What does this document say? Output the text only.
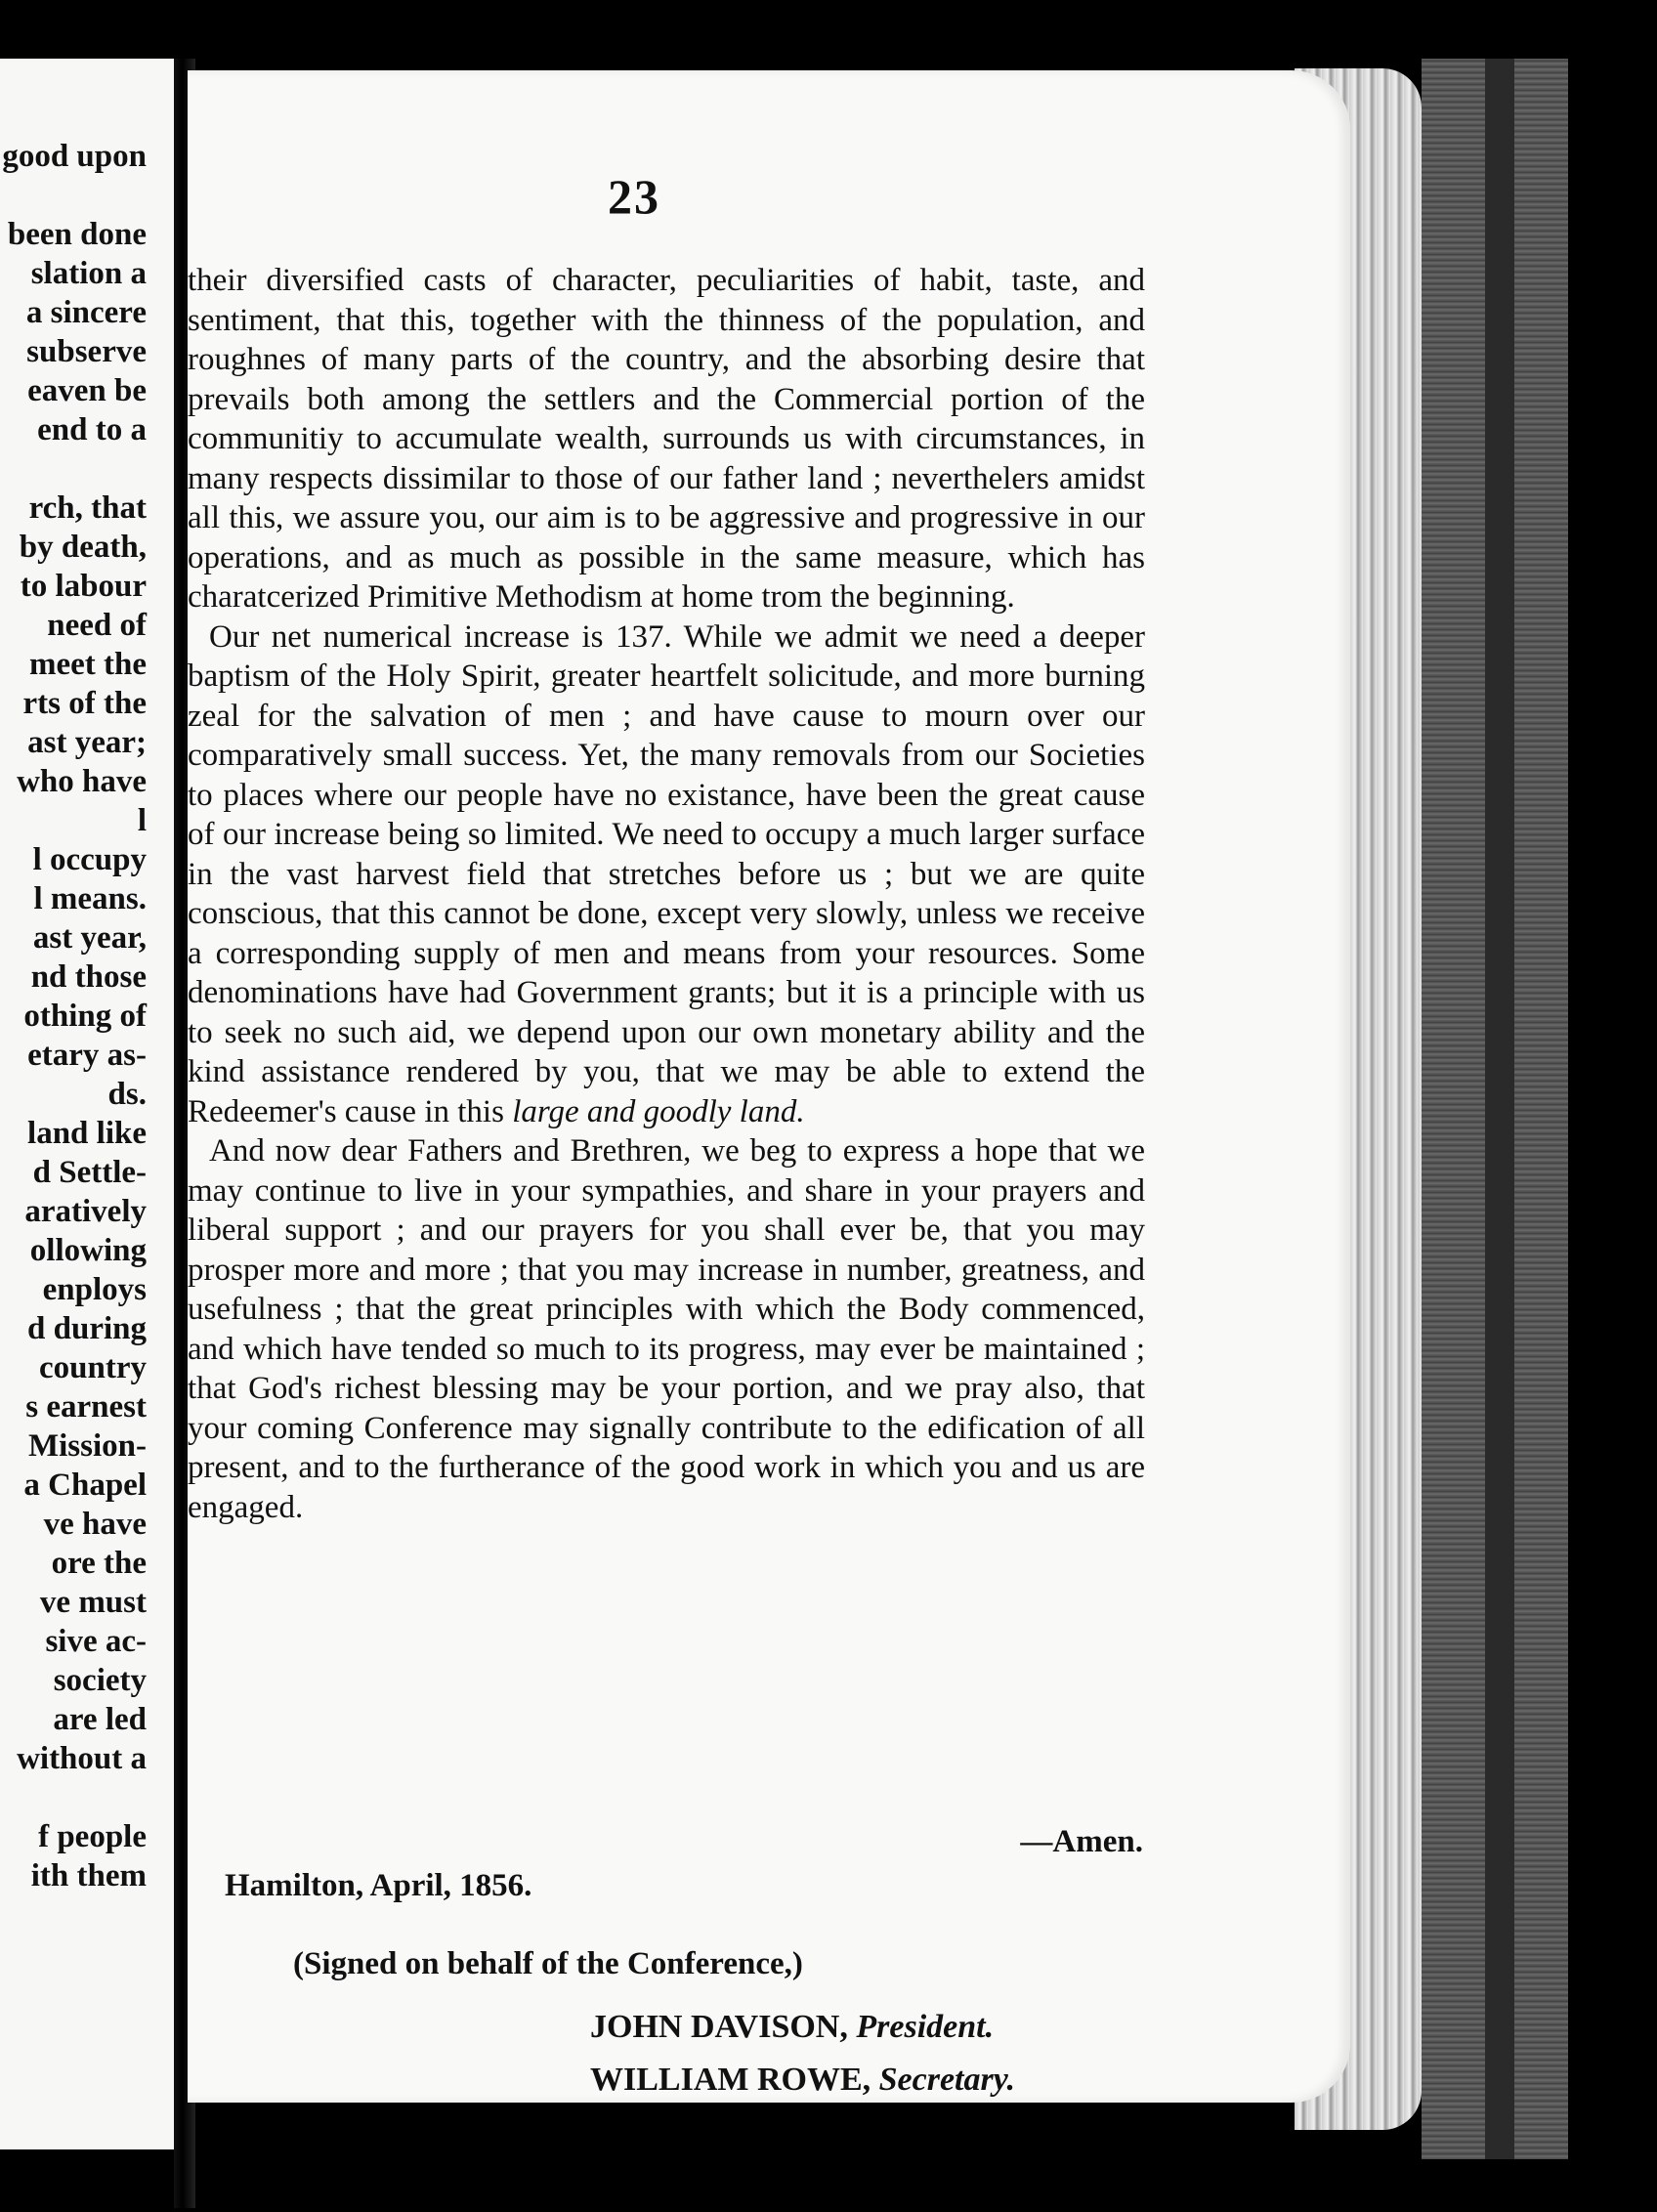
good upon
been done
slation a
a sincere
subserve
eaven be
end to a
rch, that
by death,
to labour
need of
meet the
rts of the
ast year;
who have
l
l occupy
l means.
ast year,
nd those
othing of
etary as-
ds.
land like
d Settle-
aratively
ollowing
enploys
d during
country
s earnest
Mission-
a Chapel
ve have
ore the
ve must
sive ac-
society
are led
without a
f people
ith them
23

their diversified casts of character, peculiarities of habit, taste, and sentiment, that this, together with the thinness of the population, and roughnes of many parts of the country, and the absorbing desire that prevails both among the settlers and the Commercial portion of the communitiy to accumulate wealth, surrounds us with circumstances, in many respects dissimilar to those of our father land ; neverthelers amidst all this, we assure you, our aim is to be aggressive and progressive in our operations, and as much as possible in the same measure, which has charatcerized Primitive Methodism at home trom the beginning.

Our net numerical increase is 137. While we admit we need a deeper baptism of the Holy Spirit, greater heartfelt solicitude, and more burning zeal for the salvation of men ; and have cause to mourn over our comparatively small success. Yet, the many removals from our Societies to places where our people have no existance, have been the great cause of our increase being so limited. We need to occupy a much larger surface in the vast harvest field that stretches before us ; but we are quite conscious, that this cannot be done, except very slowly, unless we receive a corresponding supply of men and means from your resources. Some denominations have had Government grants; but it is a principle with us to seek no such aid, we depend upon our own monetary ability and the kind assistance rendered by you, that we may be able to extend the Redeemer's cause in this large and goodly land.

And now dear Fathers and Brethren, we beg to express a hope that we may continue to live in your sympathies, and share in your prayers and liberal support ; and our prayers for you shall ever be, that you may prosper more and more ; that you may increase in number, greatness, and usefulness ; that the great principles with which the Body commenced, and which have tended so much to its progress, may ever be maintained ; that God's richest blessing may be your portion, and we pray also, that your coming Conference may signally contribute to the edification of all present, and to the furtherance of the good work in which you and us are engaged.

—Amen.
Hamilton, April, 1856.
(Signed on behalf of the Conference,)
JOHN DAVISON, President.
WILLIAM ROWE, Secretary.
